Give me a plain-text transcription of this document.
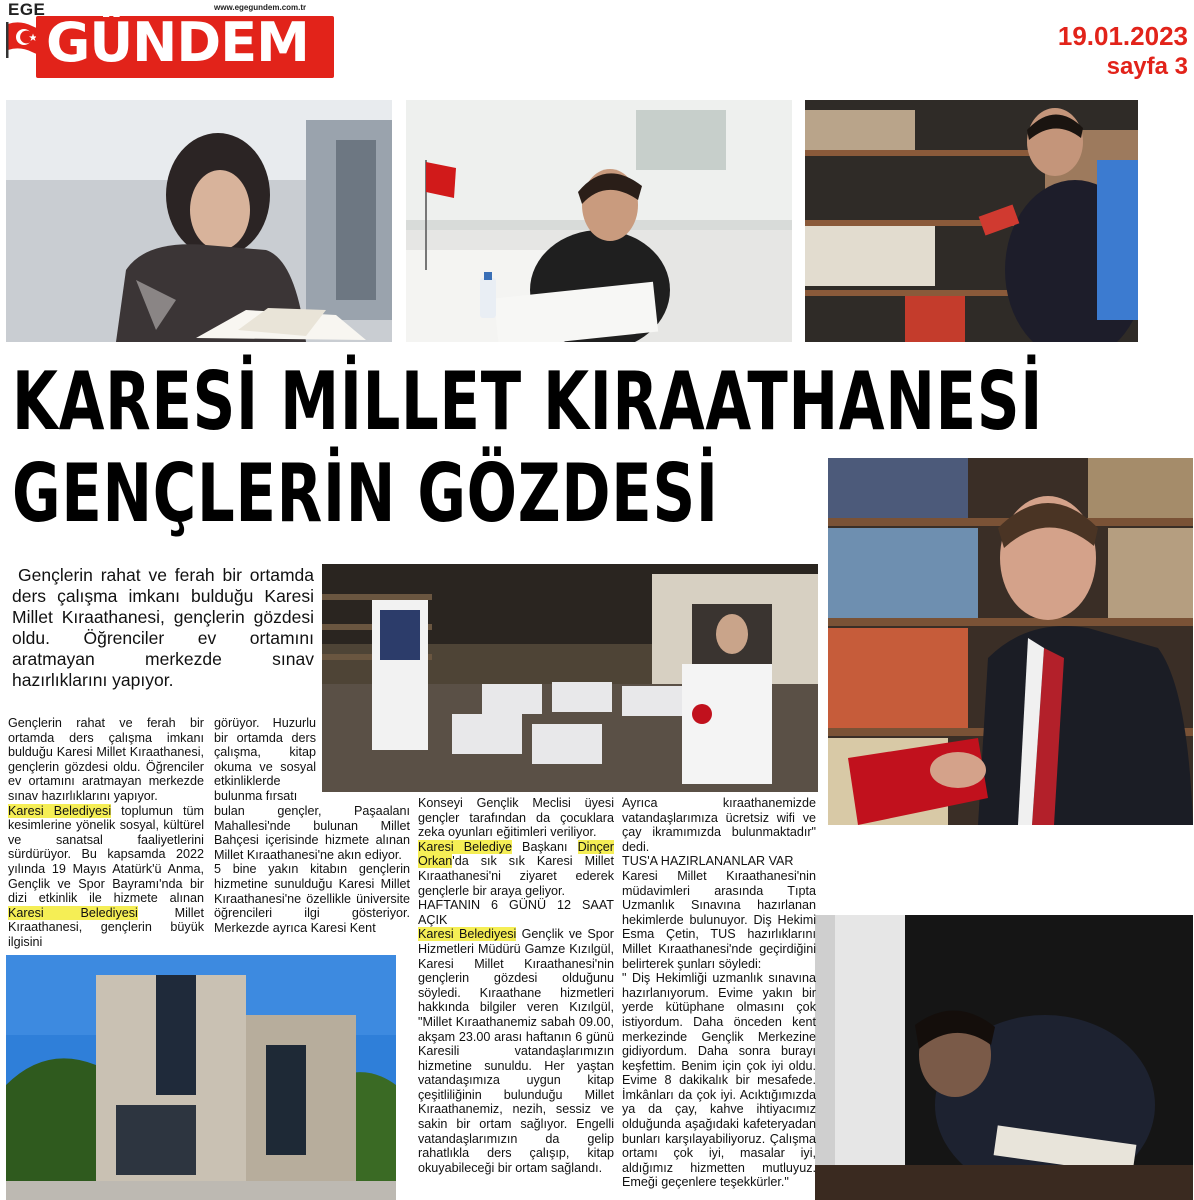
EGE	www.egegundem.com.tr
GÜNDEM	19.01.2023
sayfa 3
KARESİ MİLLET KIRAATHANESİ
GENÇLERİN GÖZDESİ
Gençlerin rahat ve ferah bir ortamda ders çalışma imkanı bulduğu Karesi Millet Kıraathanesi, gençlerin gözdesi oldu. Öğrenciler ev ortamını aratmayan merkezde sınav hazırlıklarını yapıyor.

Gençlerin rahat ve ferah bir ortamda ders çalışma imkanı bulduğu Karesi Millet Kıraathanesi, gençlerin gözdesi oldu. Öğrenciler ev ortamını aratmayan merkezde sınav hazırlıklarını yapıyor.
Karesi Belediyesi toplumun tüm kesimlerine yönelik sosyal, kültürel ve sanatsal faaliyetlerini sürdürüyor. Bu kapsamda 2022 yılında 19 Mayıs Atatürk'ü Anma, Gençlik ve Spor Bayramı'nda bir dizi etkinlik ile hizmete alınan Karesi Belediyesi Millet Kıraathanesi, gençlerin büyük ilgisini

görüyor. Huzurlu bir ortamda ders çalışma, kitap okuma ve sosyal etkinliklerde bulunma fırsatı

bulan gençler, Paşaalanı Mahallesi'nde bulunan Millet Bahçesi içerisinde hizmete alınan Millet Kıraathanesi'ne akın ediyor.

5 bine yakın kitabın gençlerin hizmetine sunulduğu Karesi Millet Kıraathanesi'ne özellikle üniversite öğrencileri ilgi gösteriyor. Merkezde ayrıca Karesi Kent

Konseyi Gençlik Meclisi üyesi gençler tarafından da çocuklara zeka oyunları eğitimleri veriliyor.

Karesi Belediye Başkanı Dinçer Orkan'da sık sık Karesi Millet Kıraathanesi'ni ziyaret ederek gençlerle bir araya geliyor.

HAFTANIN 6 GÜNÜ 12 SAAT AÇIK

Karesi Belediyesi Gençlik ve Spor Hizmetleri Müdürü Gamze Kızılgül, Karesi Millet Kıraathanesi'nin gençlerin gözdesi olduğunu söyledi. Kıraathane hizmetleri hakkında bilgiler veren Kızılgül, "Millet Kıraathanemiz sabah 09.00, akşam 23.00 arası haftanın 6 günü Karesili vatandaşlarımızın hizmetine sunuldu. Her yaştan vatandaşımıza uygun kitap çeşitliliğinin bulunduğu Millet Kıraathanemiz, nezih, sessiz ve sakin bir ortam sağlıyor. Engelli vatandaşlarımızın da gelip rahatlıkla ders çalışıp, kitap okuyabileceği bir ortam sağlandı.

Ayrıca kıraathanemizde vatandaşlarımıza ücretsiz wifi ve çay ikramımızda bulunmaktadır" dedi.

TUS'A HAZIRLANANLAR VAR

Karesi Millet Kıraathanesi'nin müdavimleri arasında Tıpta Uzmanlık Sınavına hazırlanan hekimlerde bulunuyor. Diş Hekimi Esma Çetin, TUS hazırlıklarını Millet Kıraathanesi'nde geçirdiğini belirterek şunları söyledi:

" Diş Hekimliği uzmanlık sınavına hazırlanıyorum. Evime yakın bir yerde kütüphane olmasını çok istiyordum. Daha önceden kent merkezinde Gençlik Merkezine gidiyordum. Daha sonra burayı keşfettim. Benim için çok iyi oldu. Evime 8 dakikalık bir mesafede. İmkânları da çok iyi. Acıktığımızda ya da çay, kahve ihtiyacımız olduğunda aşağıdaki kafeteryadan bunları karşılayabiliyoruz. Çalışma ortamı çok iyi, masalar iyi, aldığımız hizmetten mutluyuz. Emeği geçenlere teşekkürler."
